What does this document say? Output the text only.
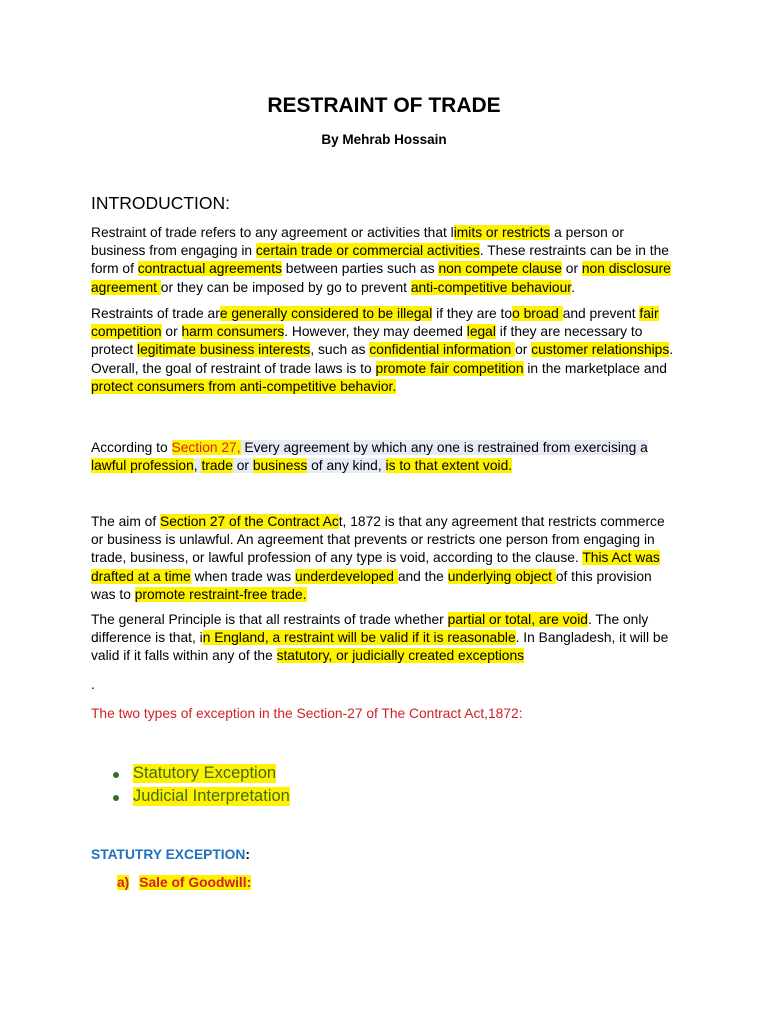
RESTRAINT OF TRADE
By Mehrab Hossain
INTRODUCTION:
Restraint of trade refers to any agreement or activities that limits or restricts a person or
business from engaging in certain trade or commercial activities. These restraints can be in the
form of contractual agreements between parties such as non compete clause or non disclosure
agreement or they can be imposed by go to prevent anti-competitive behaviour.
Restraints of trade are generally considered to be illegal if they are too broad and prevent fair
competition or harm consumers. However, they may deemed legal if they are necessary to
protect legitimate business interests, such as confidential information or customer relationships.
Overall, the goal of restraint of trade laws is to promote fair competition in the marketplace and
protect consumers from anti-competitive behavior.
According to Section 27, Every agreement by which any one is restrained from exercising a
lawful profession, trade or business of any kind, is to that extent void.
The aim of Section 27 of the Contract Act, 1872 is that any agreement that restricts commerce
or business is unlawful. An agreement that prevents or restricts one person from engaging in
trade, business, or lawful profession of any type is void, according to the clause. This Act was
drafted at a time when trade was underdeveloped and the underlying object of this provision
was to promote restraint-free trade.
The general Principle is that all restraints of trade whether partial or total, are void. The only
difference is that, in England, a restraint will be valid if it is reasonable. In Bangladesh, it will be
valid if it falls within any of the statutory, or judicially created exceptions
.
The two types of exception in the Section-27 of The Contract Act,1872:
Statutory Exception
Judicial Interpretation
STATUTRY EXCEPTION:
a) Sale of Goodwill:
